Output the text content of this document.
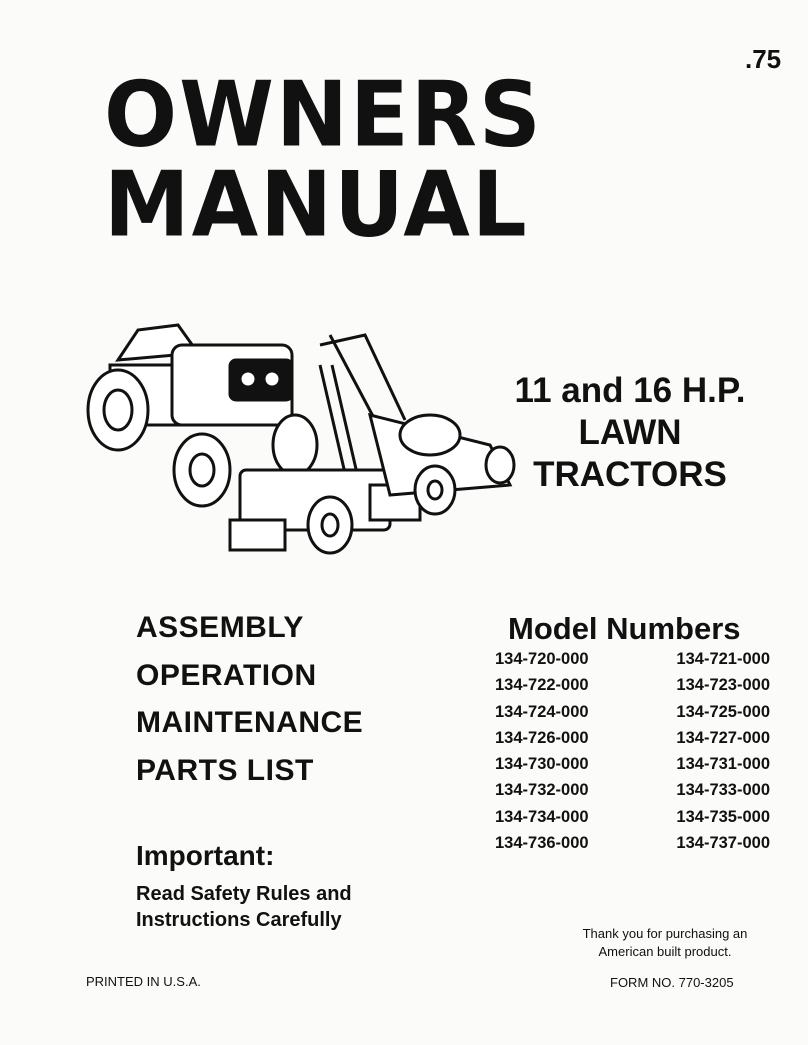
.75
OWNERS
MANUAL
11 and 16 H.P.
LAWN
TRACTORS
ASSEMBLY
OPERATION
MAINTENANCE
PARTS LIST
Important:
Read Safety Rules and
Instructions Carefully
Model Numbers
134-720-000	134-721-000
134-722-000	134-723-000
134-724-000	134-725-000
134-726-000	134-727-000
134-730-000	134-731-000
134-732-000	134-733-000
134-734-000	134-735-000
134-736-000	134-737-000
Thank you for purchasing an
American built product.
PRINTED IN U.S.A.	FORM NO. 770-3205
